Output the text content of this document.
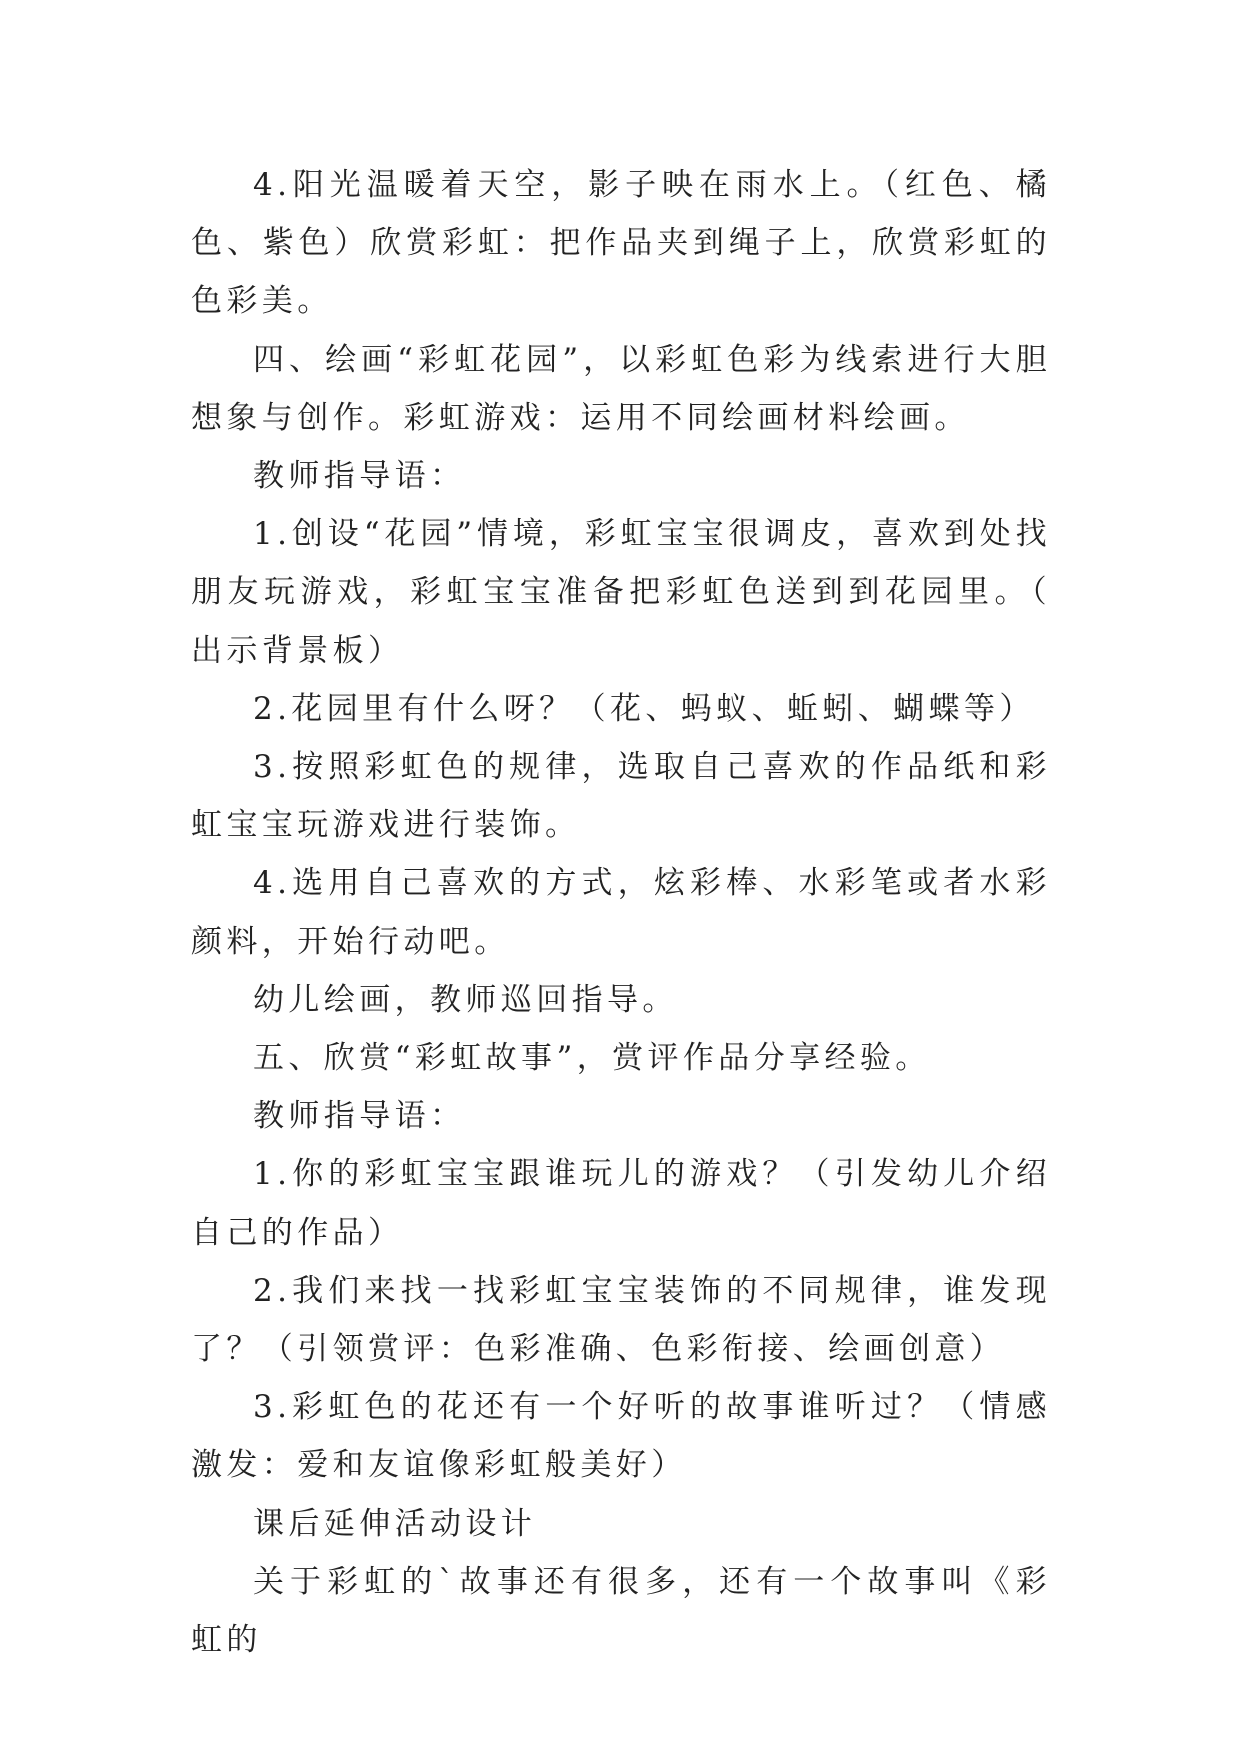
4.阳光温暖着天空，影子映在雨水上。（红色、橘色、紫色）欣赏彩虹：把作品夹到绳子上，欣赏彩虹的色彩美。

四、绘画“彩虹花园”，以彩虹色彩为线索进行大胆想象与创作。彩虹游戏：运用不同绘画材料绘画。

教师指导语：

1.创设“花园”情境，彩虹宝宝很调皮，喜欢到处找朋友玩游戏，彩虹宝宝准备把彩虹色送到到花园里。（出示背景板）

2.花园里有什么呀？（花、蚂蚁、蚯蚓、蝴蝶等）

3.按照彩虹色的规律，选取自己喜欢的作品纸和彩虹宝宝玩游戏进行装饰。

4.选用自己喜欢的方式，炫彩棒、水彩笔或者水彩颜料，开始行动吧。

幼儿绘画，教师巡回指导。

五、欣赏“彩虹故事”，赏评作品分享经验。

教师指导语：

1.你的彩虹宝宝跟谁玩儿的游戏？（引发幼儿介绍自己的作品）

2.我们来找一找彩虹宝宝装饰的不同规律，谁发现了？（引领赏评：色彩准确、色彩衔接、绘画创意）

3.彩虹色的花还有一个好听的故事谁听过？（情感激发：爱和友谊像彩虹般美好）

课后延伸活动设计

关于彩虹的`故事还有很多，还有一个故事叫《彩虹的
